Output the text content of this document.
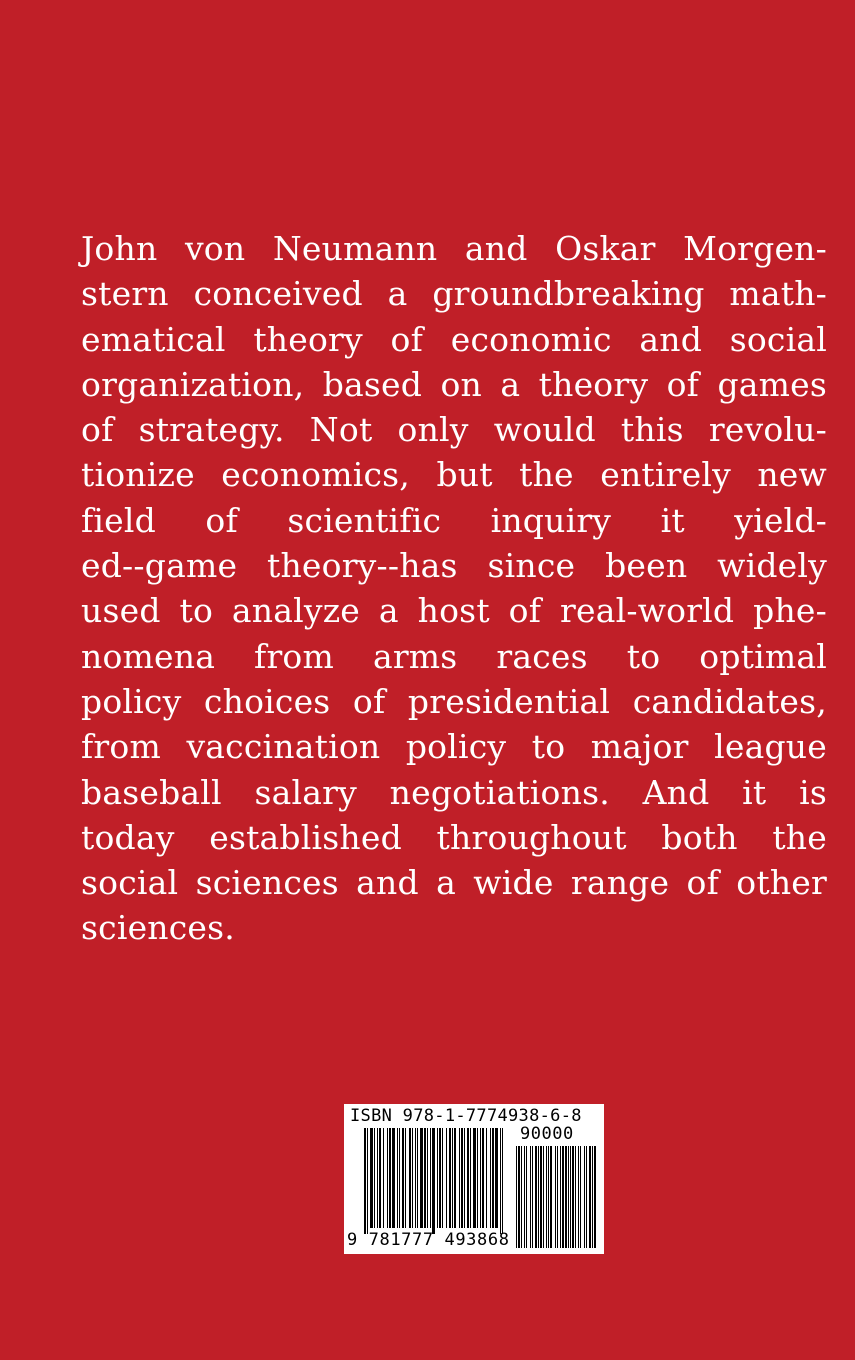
John von Neumann and Oskar Morgen-
stern conceived a groundbreaking math-
ematical theory of economic and social
organization, based on a theory of games
of strategy. Not only would this revolu-
tionize economics, but the entirely new
field of scientific inquiry it yield-
ed--game theory--has since been widely
used to analyze a host of real-world phe-
nomena from arms races to optimal
policy choices of presidential candidates,
from vaccination policy to major league
baseball salary negotiations. And it is
today established throughout both the
social sciences and a wide range of other
sciences.
ISBN 978-1-7774938-6-8
90000
9 781777 493868
